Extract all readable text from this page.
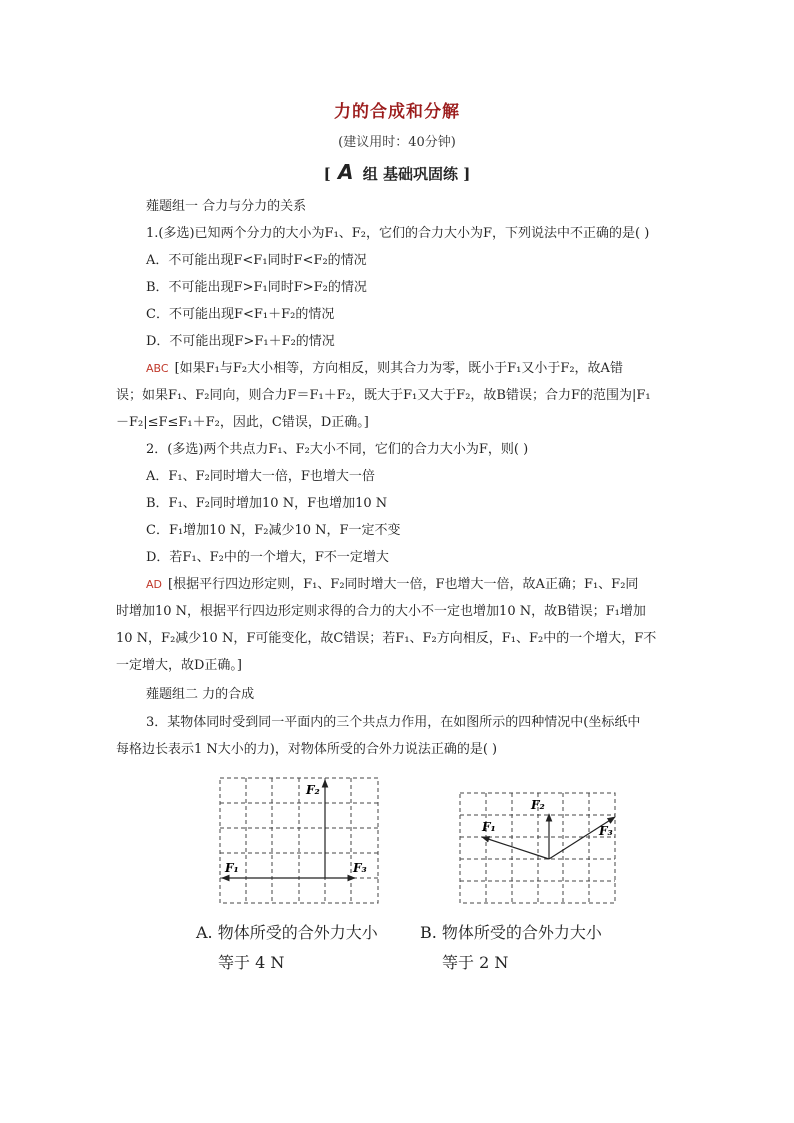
力的合成和分解
(建议用时：40分钟)
[ A 组 基础巩固练 ]
薤题组一 合力与分力的关系
1.(多选)已知两个分力的大小为F₁、F₂，它们的合力大小为F，下列说法中不正确的是( )
A．不可能出现F<F₁同时F<F₂的情况
B．不可能出现F>F₁同时F>F₂的情况
C．不可能出现F<F₁＋F₂的情况
D．不可能出现F>F₁＋F₂的情况
ABC [如果F₁与F₂大小相等，方向相反，则其合力为零，既小于F₁又小于F₂，故A错
误；如果F₁、F₂同向，则合力F＝F₁＋F₂，既大于F₁又大于F₂，故B错误；合力F的范围为|F₁
－F₂|≤F≤F₁＋F₂，因此，C错误，D正确。]
2．(多选)两个共点力F₁、F₂大小不同，它们的合力大小为F，则( )
A．F₁、F₂同时增大一倍，F也增大一倍
B．F₁、F₂同时增加10 N，F也增加10 N
C．F₁增加10 N，F₂减少10 N，F一定不变
D．若F₁、F₂中的一个增大，F不一定增大
AD [根据平行四边形定则，F₁、F₂同时增大一倍，F也增大一倍，故A正确；F₁、F₂同
时增加10 N，根据平行四边形定则求得的合力的大小不一定也增加10 N，故B错误；F₁增加
10 N，F₂减少10 N，F可能变化，故C错误；若F₁、F₂方向相反，F₁、F₂中的一个增大，F不
一定增大，故D正确。]
薤题组二 力的合成
3．某物体同时受到同一平面内的三个共点力作用，在如图所示的四种情况中(坐标纸中
每格边长表示1 N大小的力)，对物体所受的合外力说法正确的是( )
F₁
F₂
F₃
F₁
F₂
F₃
A. 物体所受的合外力大小
等于 4 N
B. 物体所受的合外力大小
等于 2 N
